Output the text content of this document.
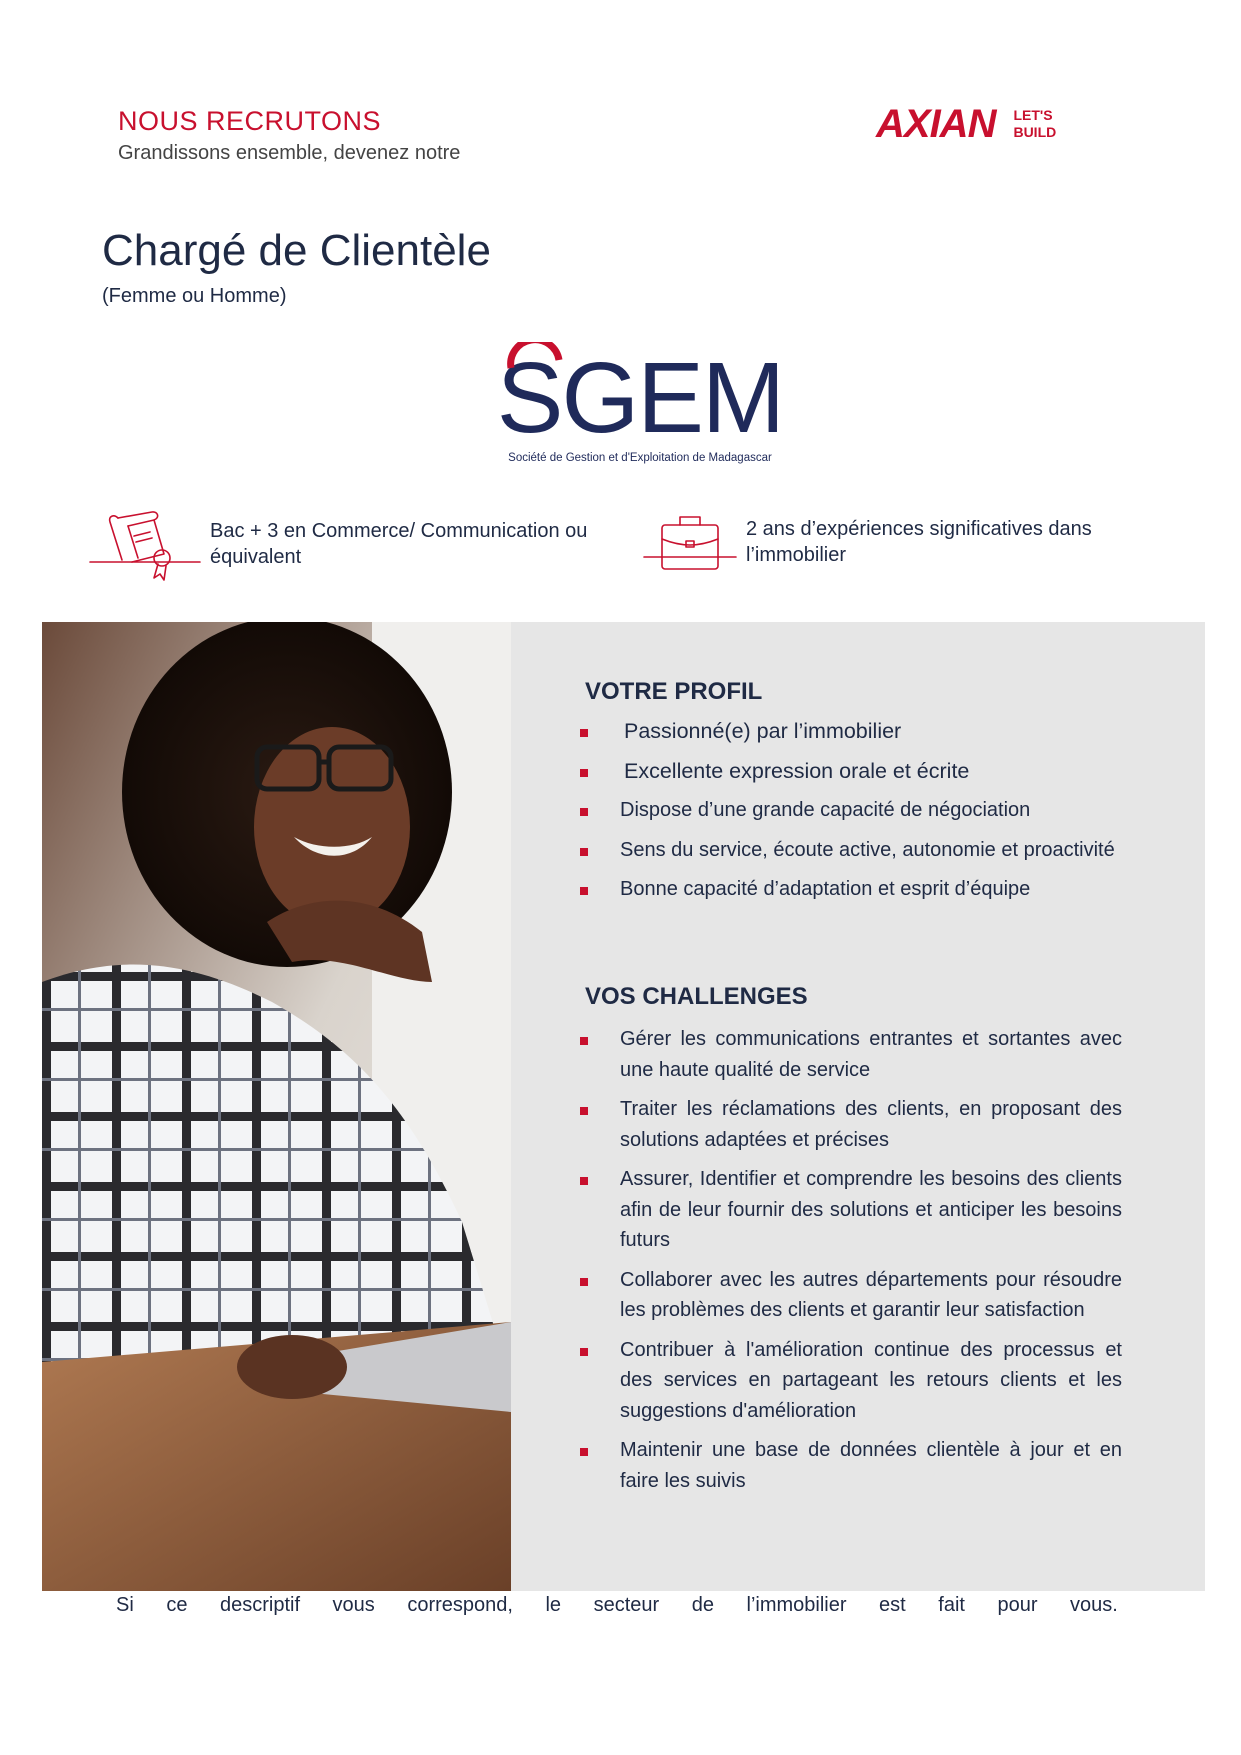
NOUS RECRUTONS
Grandissons ensemble, devenez notre
AXIAN LET'S
BUILD
Chargé de Clientèle
(Femme ou Homme)
SGEM
Société de Gestion et d'Exploitation de Madagascar
Bac + 3 en Commerce/ Communication ou équivalent
2 ans d’expériences significatives dans l’immobilier
VOTRE PROFIL
Passionné(e) par l’immobilier
Excellente expression orale et écrite
Dispose d’une grande capacité de négociation
Sens du service, écoute active, autonomie et proactivité
Bonne capacité d’adaptation et esprit d’équipe
VOS CHALLENGES
Gérer les communications entrantes et sortantes avec une haute qualité de service
Traiter les réclamations des clients, en proposant des solutions adaptées et précises
Assurer, Identifier et comprendre les besoins des clients afin de leur fournir des solutions et anticiper les besoins futurs
Collaborer avec les autres départements pour résoudre les problèmes des clients et garantir leur satisfaction
Contribuer à l'amélioration continue des processus et des services en partageant les retours clients et les suggestions d'amélioration
Maintenir une base de données clientèle à jour et en faire les suivis
Si ce descriptif vous correspond, le secteur de l’immobilier est fait pour vous.
